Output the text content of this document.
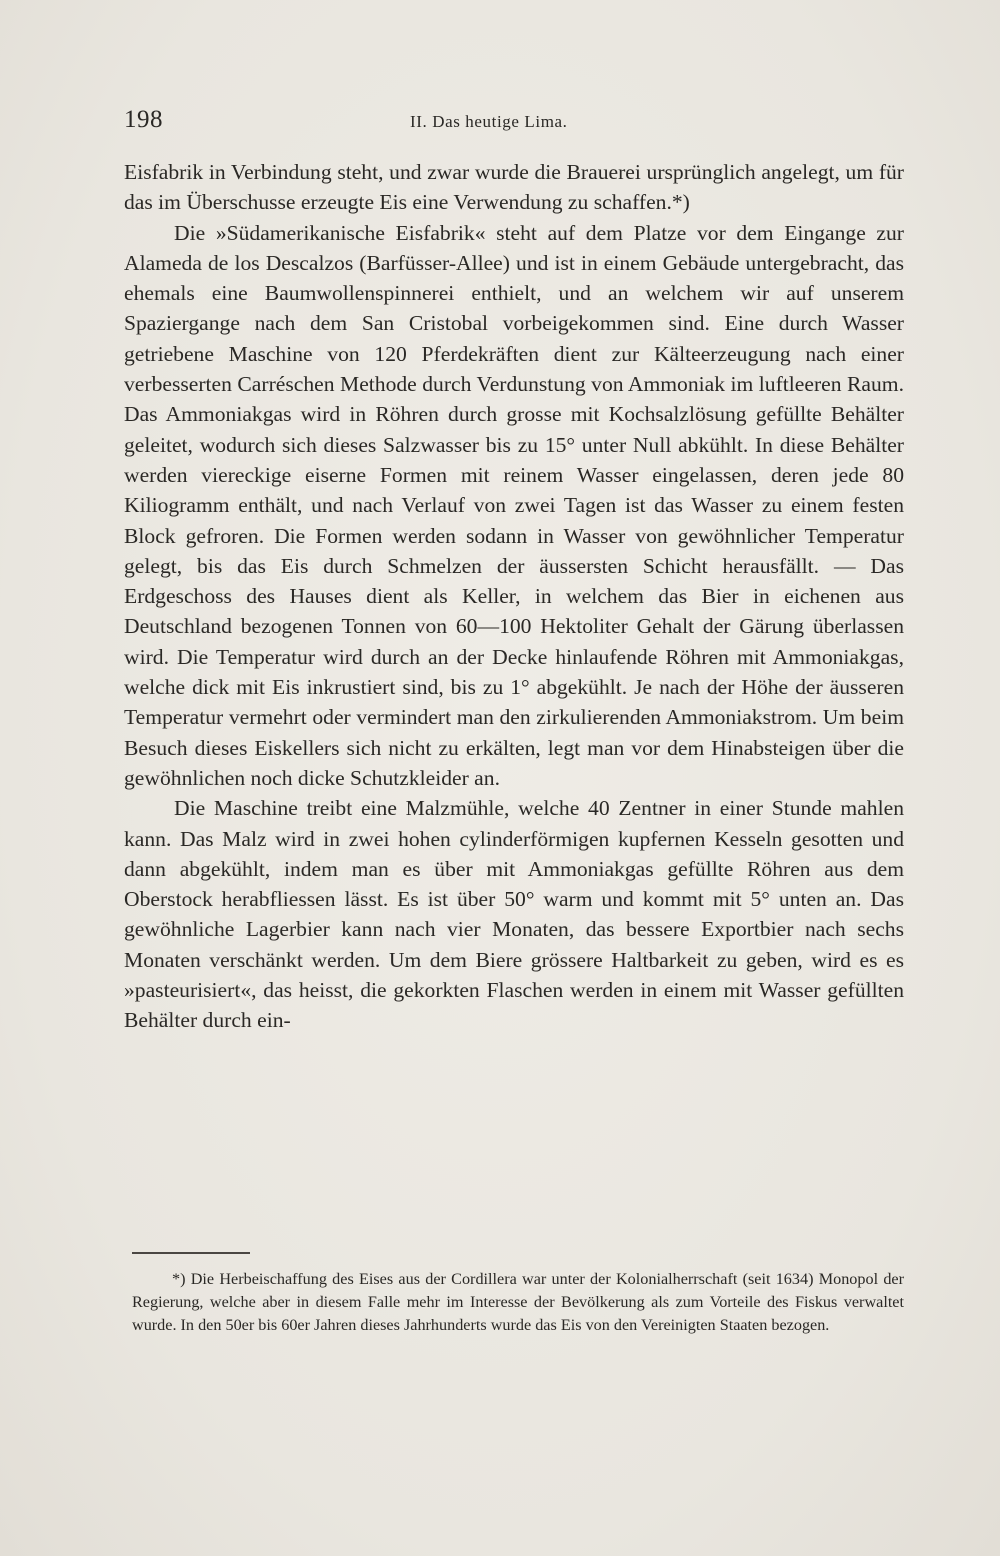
198	II. Das heutige Lima.

Eisfabrik in Verbindung steht, und zwar wurde die Brauerei ursprünglich angelegt, um für das im Überschusse erzeugte Eis eine Verwendung zu schaffen.*)

Die »Südamerikanische Eisfabrik« steht auf dem Platze vor dem Eingange zur Alameda de los Descalzos (Barfüsser-Allee) und ist in einem Gebäude untergebracht, das ehemals eine Baumwollenspinnerei enthielt, und an welchem wir auf unserem Spaziergange nach dem San Cristobal vorbeigekommen sind. Eine durch Wasser getriebene Maschine von 120 Pferdekräften dient zur Kälteerzeugung nach einer verbesserten Carréschen Methode durch Verdunstung von Ammoniak im luftleeren Raum. Das Ammoniakgas wird in Röhren durch grosse mit Kochsalzlösung gefüllte Behälter geleitet, wodurch sich dieses Salzwasser bis zu 15° unter Null abkühlt. In diese Behälter werden viereckige eiserne Formen mit reinem Wasser eingelassen, deren jede 80 Kiliogramm enthält, und nach Verlauf von zwei Tagen ist das Wasser zu einem festen Block gefroren. Die Formen werden sodann in Wasser von gewöhnlicher Temperatur gelegt, bis das Eis durch Schmelzen der äussersten Schicht herausfällt. — Das Erdgeschoss des Hauses dient als Keller, in welchem das Bier in eichenen aus Deutschland bezogenen Tonnen von 60—100 Hektoliter Gehalt der Gärung überlassen wird. Die Temperatur wird durch an der Decke hinlaufende Röhren mit Ammoniakgas, welche dick mit Eis inkrustiert sind, bis zu 1° abgekühlt. Je nach der Höhe der äusseren Temperatur vermehrt oder vermindert man den zirkulierenden Ammoniakstrom. Um beim Besuch dieses Eiskellers sich nicht zu erkälten, legt man vor dem Hinabsteigen über die gewöhnlichen noch dicke Schutzkleider an.

Die Maschine treibt eine Malzmühle, welche 40 Zentner in einer Stunde mahlen kann. Das Malz wird in zwei hohen cylinderförmigen kupfernen Kesseln gesotten und dann abgekühlt, indem man es über mit Ammoniakgas gefüllte Röhren aus dem Oberstock herabfliessen lässt. Es ist über 50° warm und kommt mit 5° unten an. Das gewöhnliche Lagerbier kann nach vier Monaten, das bessere Exportbier nach sechs Monaten verschänkt werden. Um dem Biere grössere Haltbarkeit zu geben, wird es es »pasteurisiert«, das heisst, die gekorkten Flaschen werden in einem mit Wasser gefüllten Behälter durch ein-

*) Die Herbeischaffung des Eises aus der Cordillera war unter der Kolonialherrschaft (seit 1634) Monopol der Regierung, welche aber in diesem Falle mehr im Interesse der Bevölkerung als zum Vorteile des Fiskus verwaltet wurde. In den 50er bis 60er Jahren dieses Jahrhunderts wurde das Eis von den Vereinigten Staaten bezogen.
